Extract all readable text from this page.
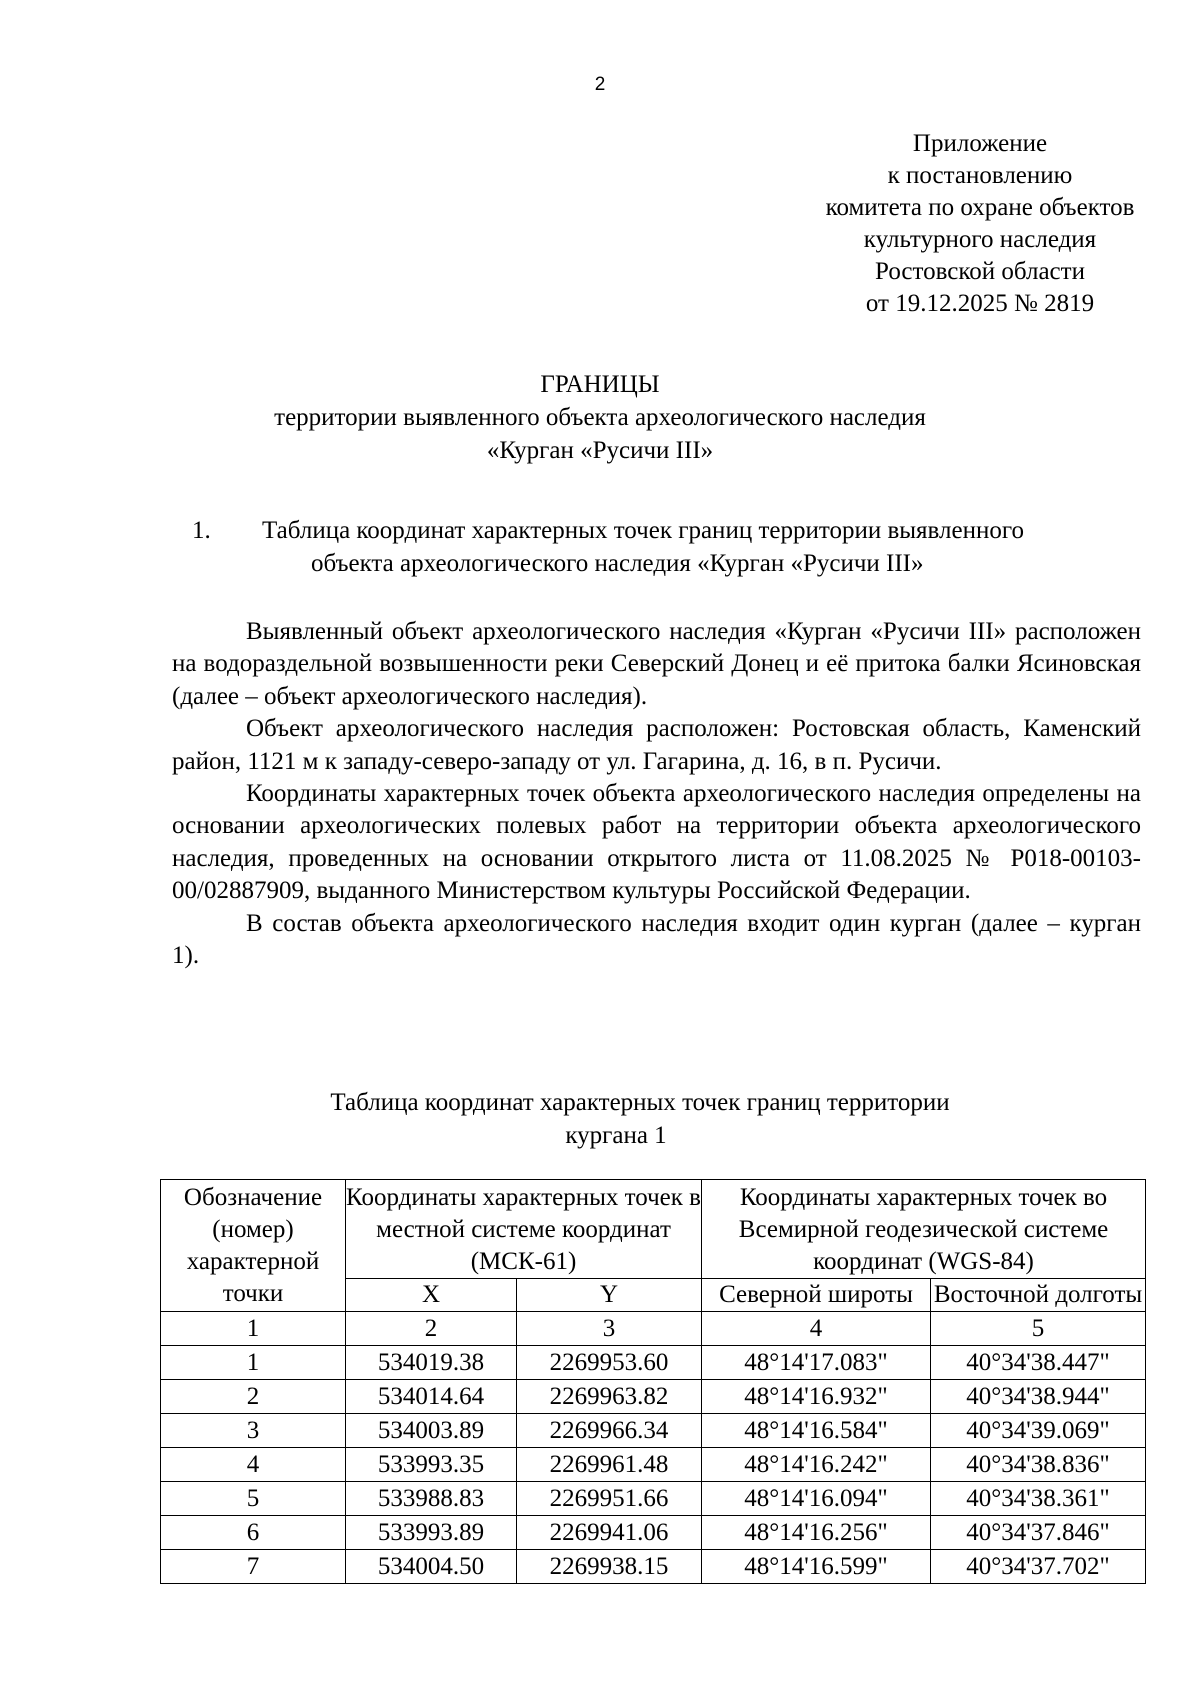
2
Приложение
к постановлению
комитета по охране объектов
культурного наследия
Ростовской области
от 19.12.2025 № 2819
ГРАНИЦЫ
территории выявленного объекта археологического наследия
«Курган «Русичи III»
1. Таблица координат характерных точек границ территории выявленного
объекта археологического наследия «Курган «Русичи III»

Выявленный объект археологического наследия «Курган «Русичи III» расположен на водораздельной возвышенности реки Северский Донец и её притока балки Ясиновская (далее – объект археологического наследия).

Объект археологического наследия расположен: Ростовская область, Каменский район, 1121 м к западу-северо-западу от ул. Гагарина, д. 16, в п. Русичи.

Координаты характерных точек объекта археологического наследия определены на основании археологических полевых работ на территории объекта археологического наследия, проведенных на основании открытого листа от 11.08.2025 № Р018-00103-00/02887909, выданного Министерством культуры Российской Федерации.

В состав объекта археологического наследия входит один курган (далее – курган 1).

Таблица координат характерных точек границ территории
кургана 1
Обозначение (номер) характерной точки	Координаты характерных точек в местной системе координат (МСК-61)		Координаты характерных точек во Всемирной геодезической системе координат (WGS-84)	
	X	Y	Северной широты	Восточной долготы
1	2	3	4	5
1	534019.38	2269953.60	48°14'17.083"	40°34'38.447"
2	534014.64	2269963.82	48°14'16.932"	40°34'38.944"
3	534003.89	2269966.34	48°14'16.584"	40°34'39.069"
4	533993.35	2269961.48	48°14'16.242"	40°34'38.836"
5	533988.83	2269951.66	48°14'16.094"	40°34'38.361"
6	533993.89	2269941.06	48°14'16.256"	40°34'37.846"
7	534004.50	2269938.15	48°14'16.599"	40°34'37.702"
